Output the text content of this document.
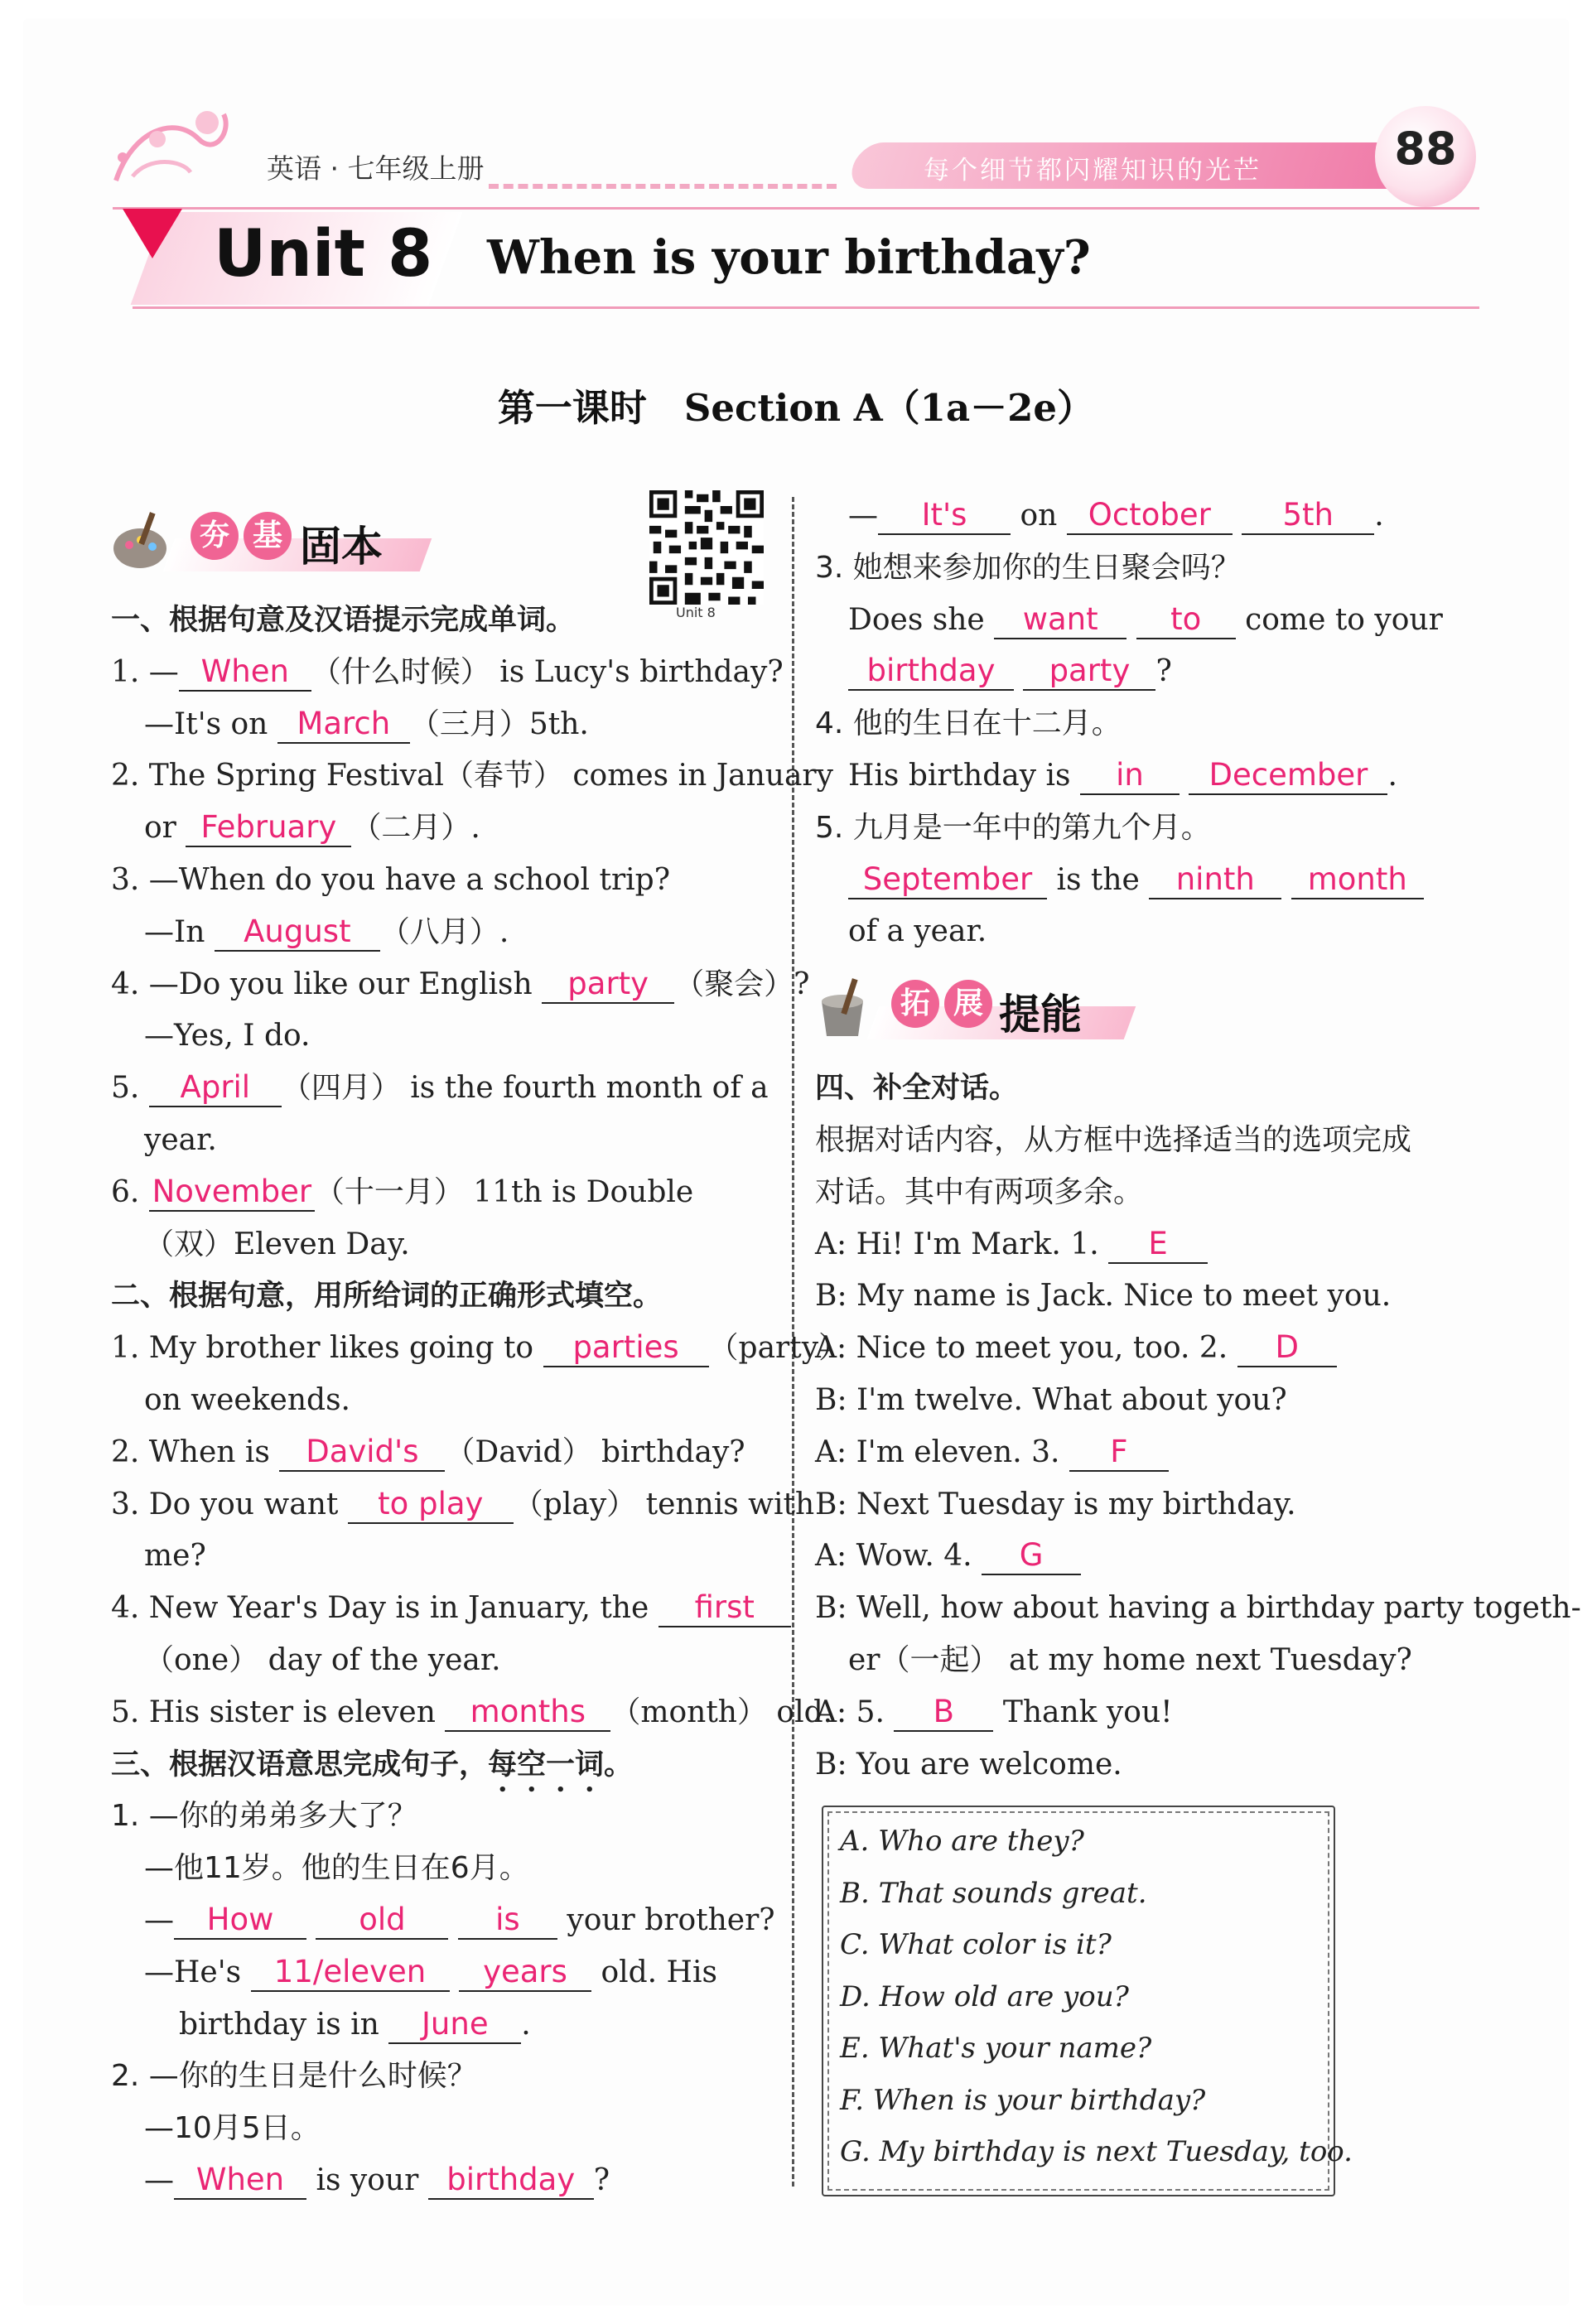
英语 · 七年级上册	每个细节都闪耀知识的光芒	88
Unit 8 When is your birthday?
第一课时　Section A（1a－2e）
夯 基 固本
Unit 8
一、根据句意及汉语提示完成单词。
1. — When （什么时候） is Lucy's birthday?
—It's on March （三月）5th.
2. The Spring Festival（春节） comes in January
or February （二月）.
3. —When do you have a school trip?
—In August （八月）.
4. —Do you like our English party （聚会）?
—Yes, I do.
5. April （四月） is the fourth month of a
year.
6. November （十一月） 11th is Double
（双）Eleven Day.
二、根据句意，用所给词的正确形式填空。
1. My brother likes going to parties （party）
on weekends.
2. When is David's （David） birthday?
3. Do you want to play （play） tennis with
me?
4. New Year's Day is in January, the first
（one） day of the year.
5. His sister is eleven months （month） old.
三、根据汉语意思完成句子，每空一词。
1. —你的弟弟多大了？
—他11岁。他的生日在6月。
— How	old	is your brother?
—He's 11/eleven years old. His
birthday is in June .
2. —你的生日是什么时候？
—10月5日。
— When is your birthday ?
— It's on October 5th .
3. 她想来参加你的生日聚会吗？
Does she want to come to your
birthday party ?
4. 他的生日在十二月。
His birthday is in December .
5. 九月是一年中的第九个月。
September is the ninth month
of a year.
拓 展 提能
四、补全对话。
根据对话内容，从方框中选择适当的选项完成
对话。其中有两项多余。
A: Hi! I'm Mark. 1. E
B: My name is Jack. Nice to meet you.
A: Nice to meet you, too. 2. D
B: I'm twelve. What about you?
A: I'm eleven. 3. F
B: Next Tuesday is my birthday.
A: Wow. 4. G
B: Well, how about having a birthday party togeth-
er（一起） at my home next Tuesday?
A: 5. B Thank you!
B: You are welcome.
A. Who are they?
B. That sounds great.
C. What color is it?
D. How old are you?
E. What's your name?
F. When is your birthday?
G. My birthday is next Tuesday, too.
